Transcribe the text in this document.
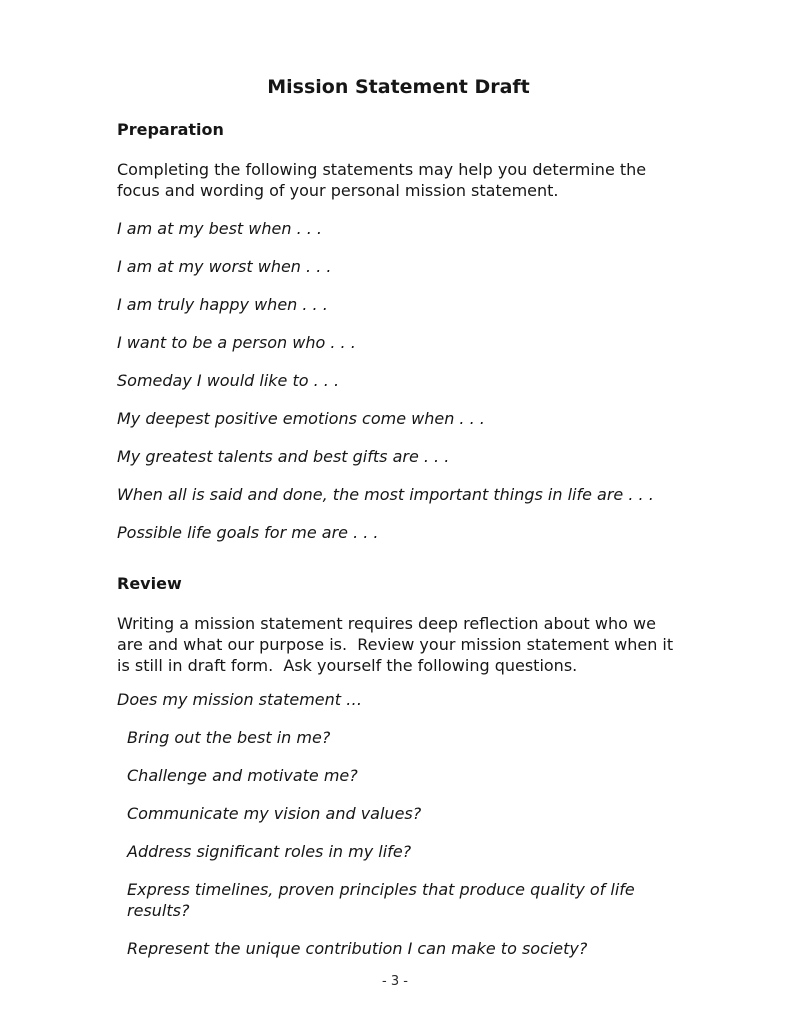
Mission Statement Draft
Preparation

Completing the following statements may help you determine the focus and wording of your personal mission statement.

I am at my best when . . .

I am at my worst when . . .

I am truly happy when . . .

I want to be a person who . . .

Someday I would like to . . .

My deepest positive emotions come when . . .

My greatest talents and best gifts are . . .

When all is said and done, the most important things in life are . . .

Possible life goals for me are . . .

Review

Writing a mission statement requires deep reflection about who we are and what our purpose is.  Review your mission statement when it is still in draft form.  Ask yourself the following questions.

Does my mission statement …

Bring out the best in me?

Challenge and motivate me?

Communicate my vision and values?

Address significant roles in my life?

Express timelines, proven principles that produce quality of life results?

Represent the unique contribution I can make to society?

- 3 -
